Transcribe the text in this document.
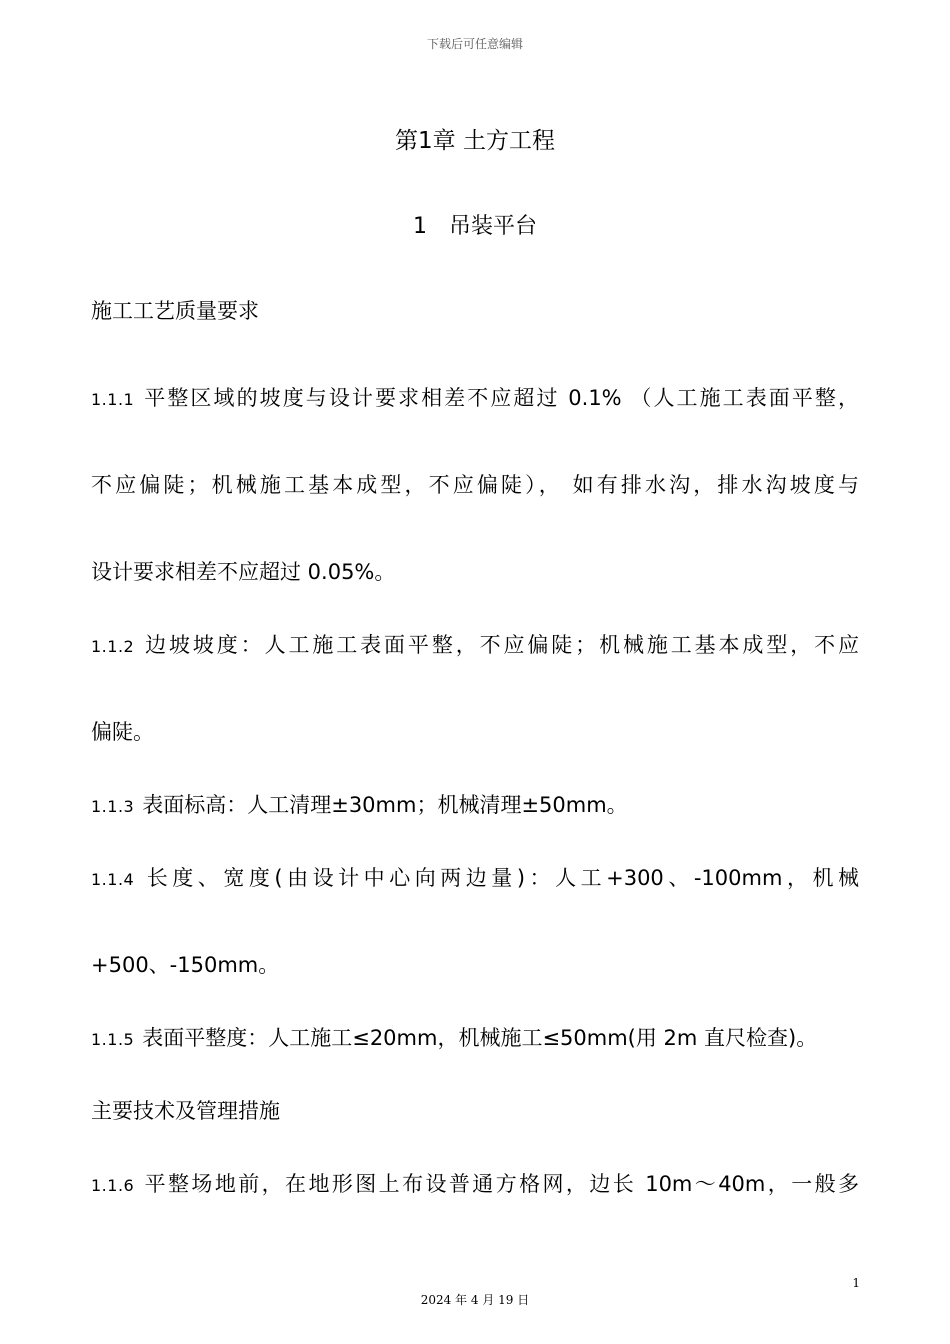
下载后可任意编辑
第1章 土方工程
1 吊装平台
施工工艺质量要求
1.1.1 平整区域的坡度与设计要求相差不应超过 0.1% （人工施工表面平整，
不应偏陡；机械施工基本成型，不应偏陡）， 如有排水沟，排水沟坡度与
设计要求相差不应超过 0.05%。
1.1.2 边坡坡度：人工施工表面平整，不应偏陡；机械施工基本成型，不应
偏陡。
1.1.3 表面标高：人工清理±30mm；机械清理±50mm。
1.1.4 长度、宽度(由设计中心向两边量)：人工+300、-100mm，机械
+500、-150mm。
1.1.5 表面平整度：人工施工≤20mm，机械施工≤50mm(用 2m 直尺检查)。
主要技术及管理措施
1.1.6 平整场地前，在地形图上布设普通方格网，边长 10m～40m，一般多
1
2024 年 4 月 19 日
